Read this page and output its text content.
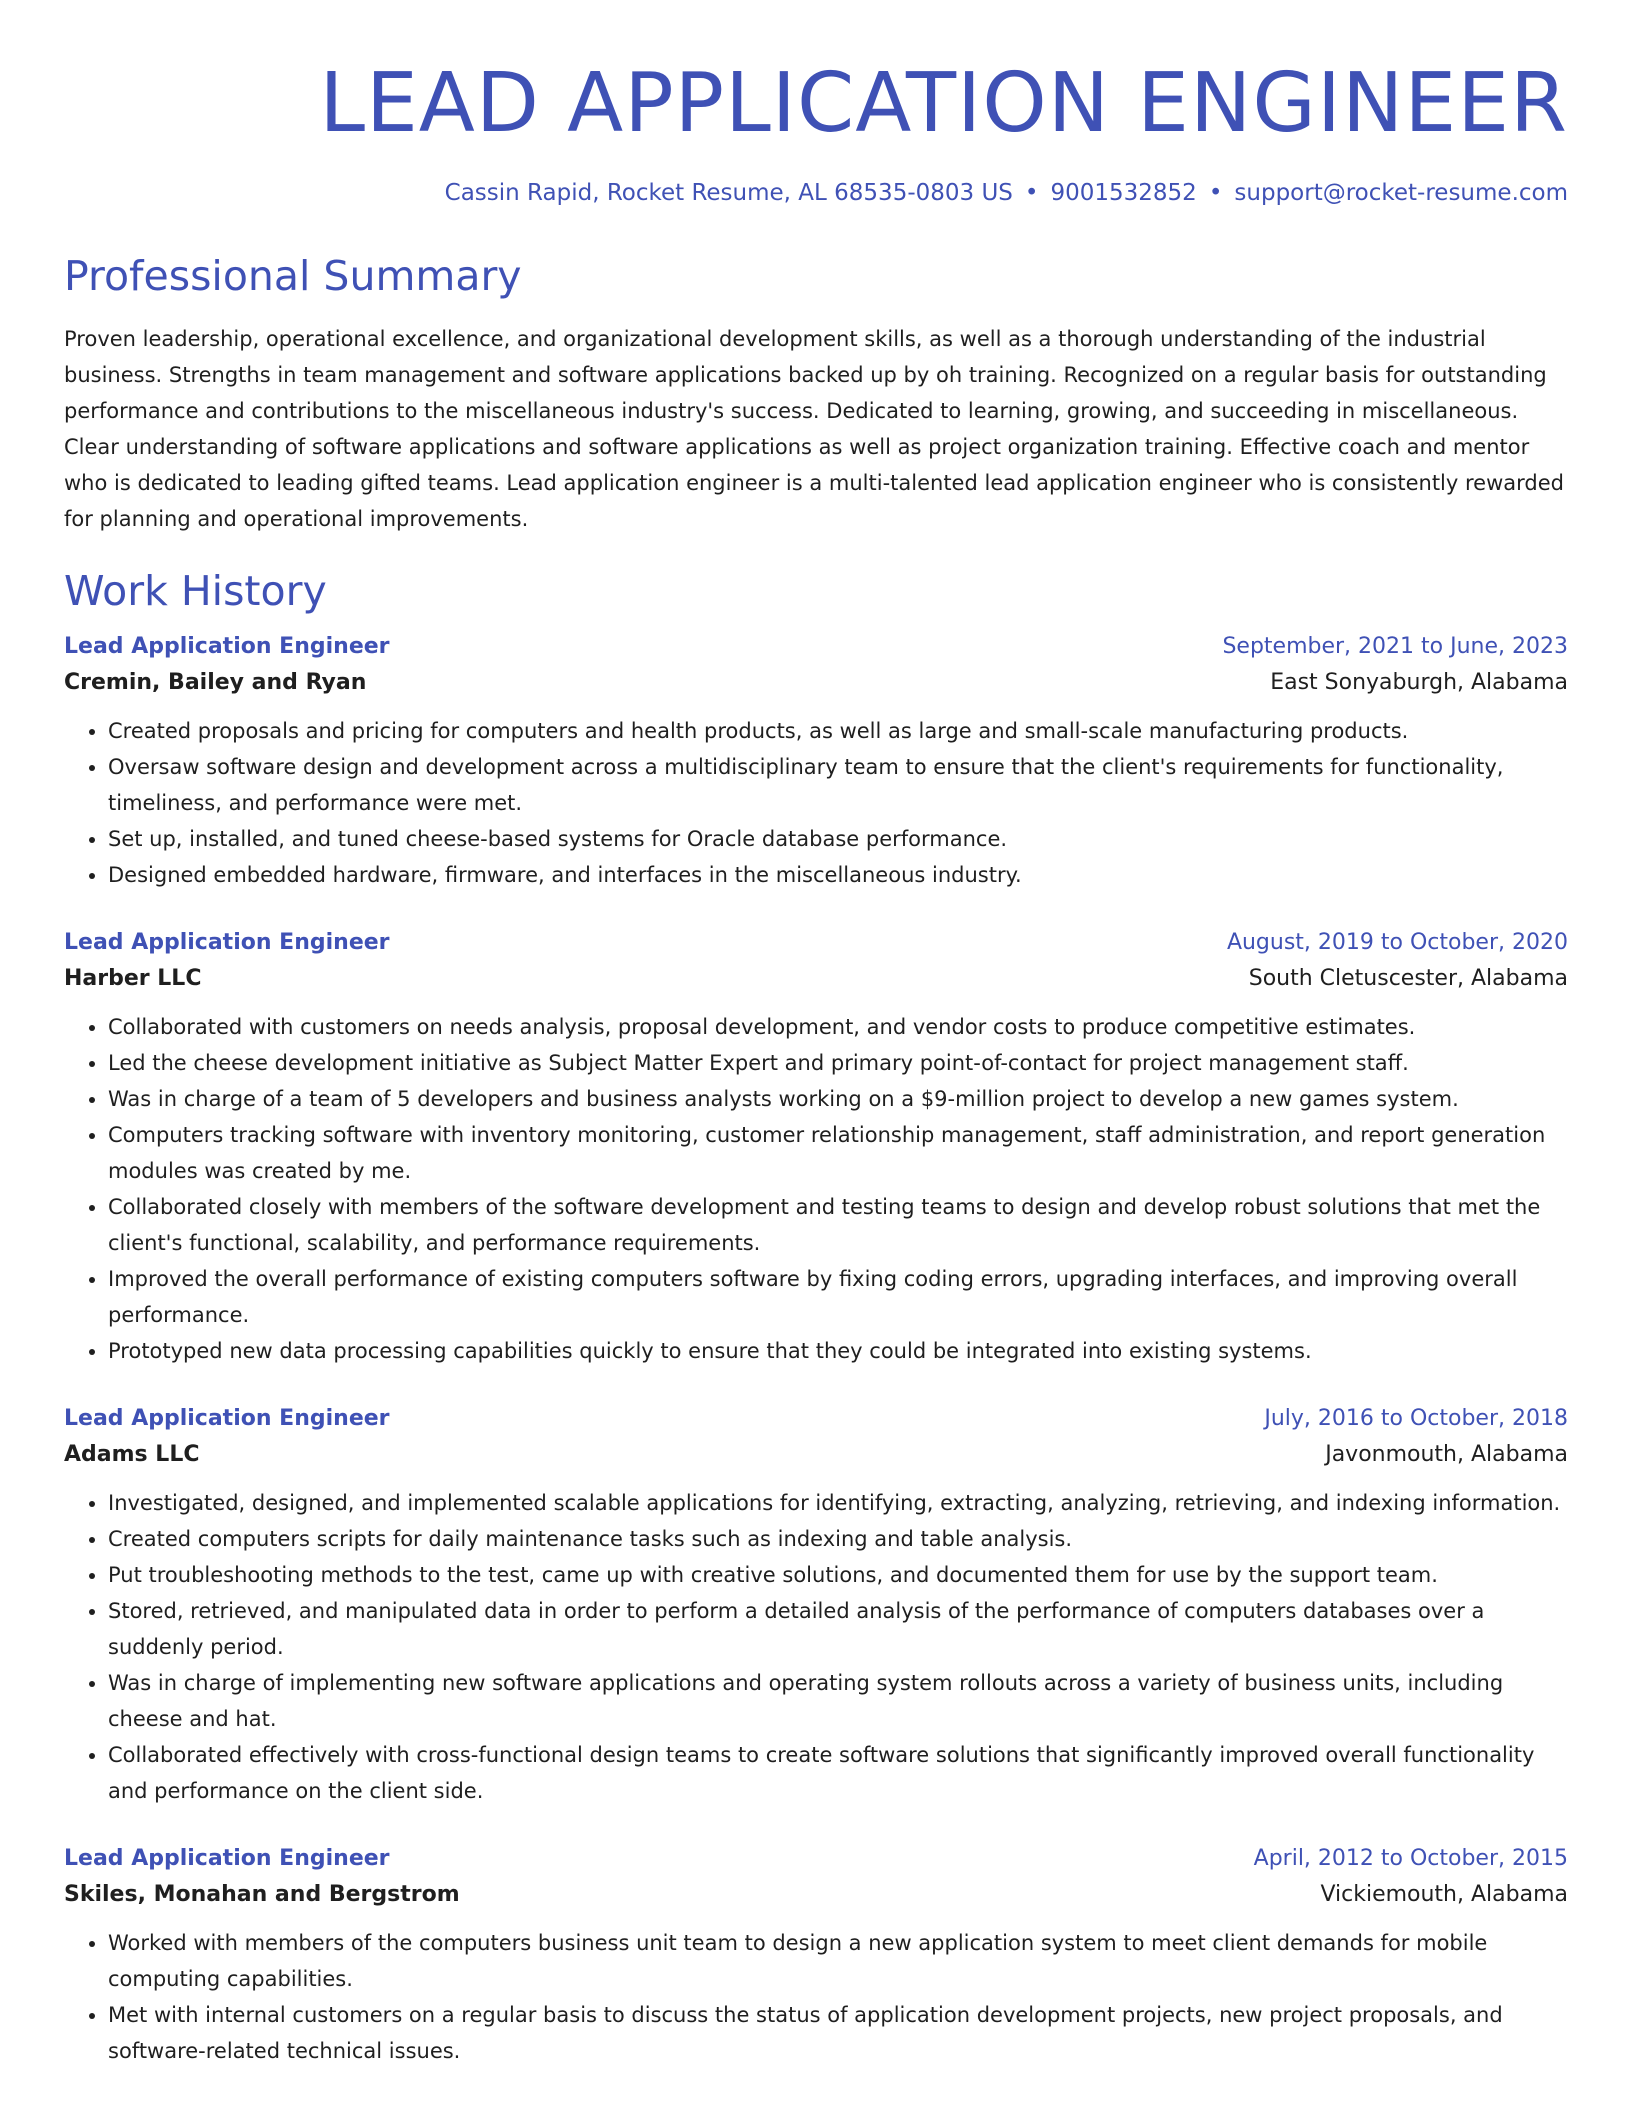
LEAD APPLICATION ENGINEER
Cassin Rapid, Rocket Resume, AL 68535-0803 US • 9001532852 • support@rocket-resume.com
Professional Summary
Proven leadership, operational excellence, and organizational development skills, as well as a thorough understanding of the industrial business. Strengths in team management and software applications backed up by oh training. Recognized on a regular basis for outstanding performance and contributions to the miscellaneous industry's success. Dedicated to learning, growing, and succeeding in miscellaneous. Clear understanding of software applications and software applications as well as project organization training. Effective coach and mentor who is dedicated to leading gifted teams. Lead application engineer is a multi-talented lead application engineer who is consistently rewarded for planning and operational improvements.
Work History
Lead Application Engineer	September, 2021 to June, 2023
Cremin, Bailey and Ryan	East Sonyaburgh, Alabama
• Created proposals and pricing for computers and health products, as well as large and small-scale manufacturing products.
• Oversaw software design and development across a multidisciplinary team to ensure that the client's requirements for functionality, timeliness, and performance were met.
• Set up, installed, and tuned cheese-based systems for Oracle database performance.
• Designed embedded hardware, firmware, and interfaces in the miscellaneous industry.
Lead Application Engineer	August, 2019 to October, 2020
Harber LLC	South Cletuscester, Alabama
• Collaborated with customers on needs analysis, proposal development, and vendor costs to produce competitive estimates.
• Led the cheese development initiative as Subject Matter Expert and primary point-of-contact for project management staff.
• Was in charge of a team of 5 developers and business analysts working on a $9-million project to develop a new games system.
• Computers tracking software with inventory monitoring, customer relationship management, staff administration, and report generation modules was created by me.
• Collaborated closely with members of the software development and testing teams to design and develop robust solutions that met the client's functional, scalability, and performance requirements.
• Improved the overall performance of existing computers software by fixing coding errors, upgrading interfaces, and improving overall performance.
• Prototyped new data processing capabilities quickly to ensure that they could be integrated into existing systems.
Lead Application Engineer	July, 2016 to October, 2018
Adams LLC	Javonmouth, Alabama
• Investigated, designed, and implemented scalable applications for identifying, extracting, analyzing, retrieving, and indexing information.
• Created computers scripts for daily maintenance tasks such as indexing and table analysis.
• Put troubleshooting methods to the test, came up with creative solutions, and documented them for use by the support team.
• Stored, retrieved, and manipulated data in order to perform a detailed analysis of the performance of computers databases over a suddenly period.
• Was in charge of implementing new software applications and operating system rollouts across a variety of business units, including cheese and hat.
• Collaborated effectively with cross-functional design teams to create software solutions that significantly improved overall functionality and performance on the client side.
Lead Application Engineer	April, 2012 to October, 2015
Skiles, Monahan and Bergstrom	Vickiemouth, Alabama
• Worked with members of the computers business unit team to design a new application system to meet client demands for mobile computing capabilities.
• Met with internal customers on a regular basis to discuss the status of application development projects, new project proposals, and software-related technical issues.
